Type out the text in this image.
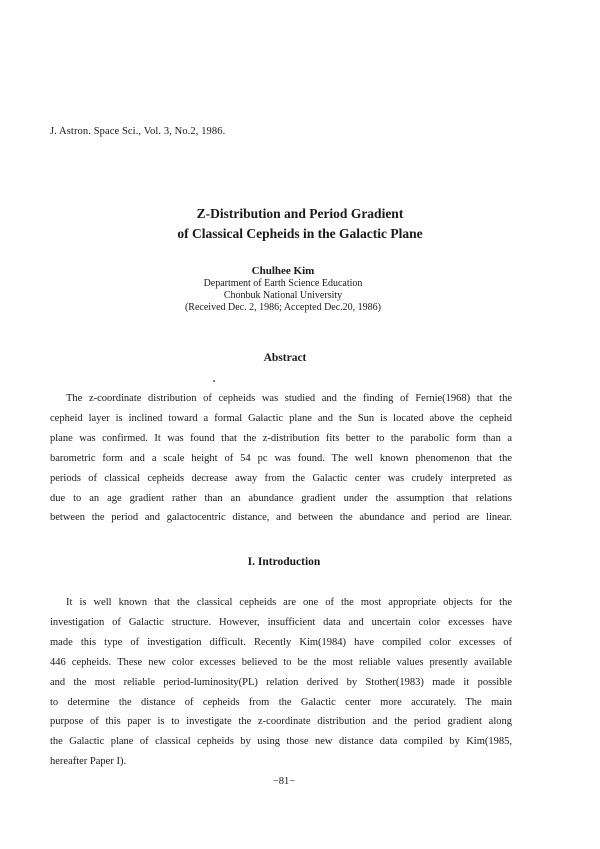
J. Astron. Space Sci., Vol. 3, No.2, 1986.
Z-Distribution and Period Gradient
of Classical Cepheids in the Galactic Plane
Chulhee Kim
Department of Earth Science Education
Chonbuk National University
(Received Dec. 2, 1986; Accepted Dec.20, 1986)
Abstract
The z-coordinate distribution of cepheids was studied and the finding of Fernie(1968) that the
cepheid layer is inclined toward a formal Galactic plane and the Sun is located above the cepheid
plane was confirmed. It was found that the z-distribution fits better to the parabolic form than a
barometric form and a scale height of 54 pc was found. The well known phenomenon that the
periods of classical cepheids decrease away from the Galactic center was crudely interpreted as
due to an age gradient rather than an abundance gradient under the assumption that relations
between the period and galactocentric distance, and between the abundance and period are linear.
I. Introduction
It is well known that the classical cepheids are one of the most appropriate objects for the
investigation of Galactic structure. However, insufficient data and uncertain color excesses have
made this type of investigation difficult. Recently Kim(1984) have compiled color excesses of
446 cepheids. These new color excesses believed to be the most reliable values presently available
and the most reliable period-luminosity(PL) relation derived by Stother(1983) made it possible
to determine the distance of cepheids from the Galactic center more accurately. The main
purpose of this paper is to investigate the z-coordinate distribution and the period gradient along
the Galactic plane of classical cepheids by using those new distance data compiled by Kim(1985,
hereafter Paper I).
−81−
